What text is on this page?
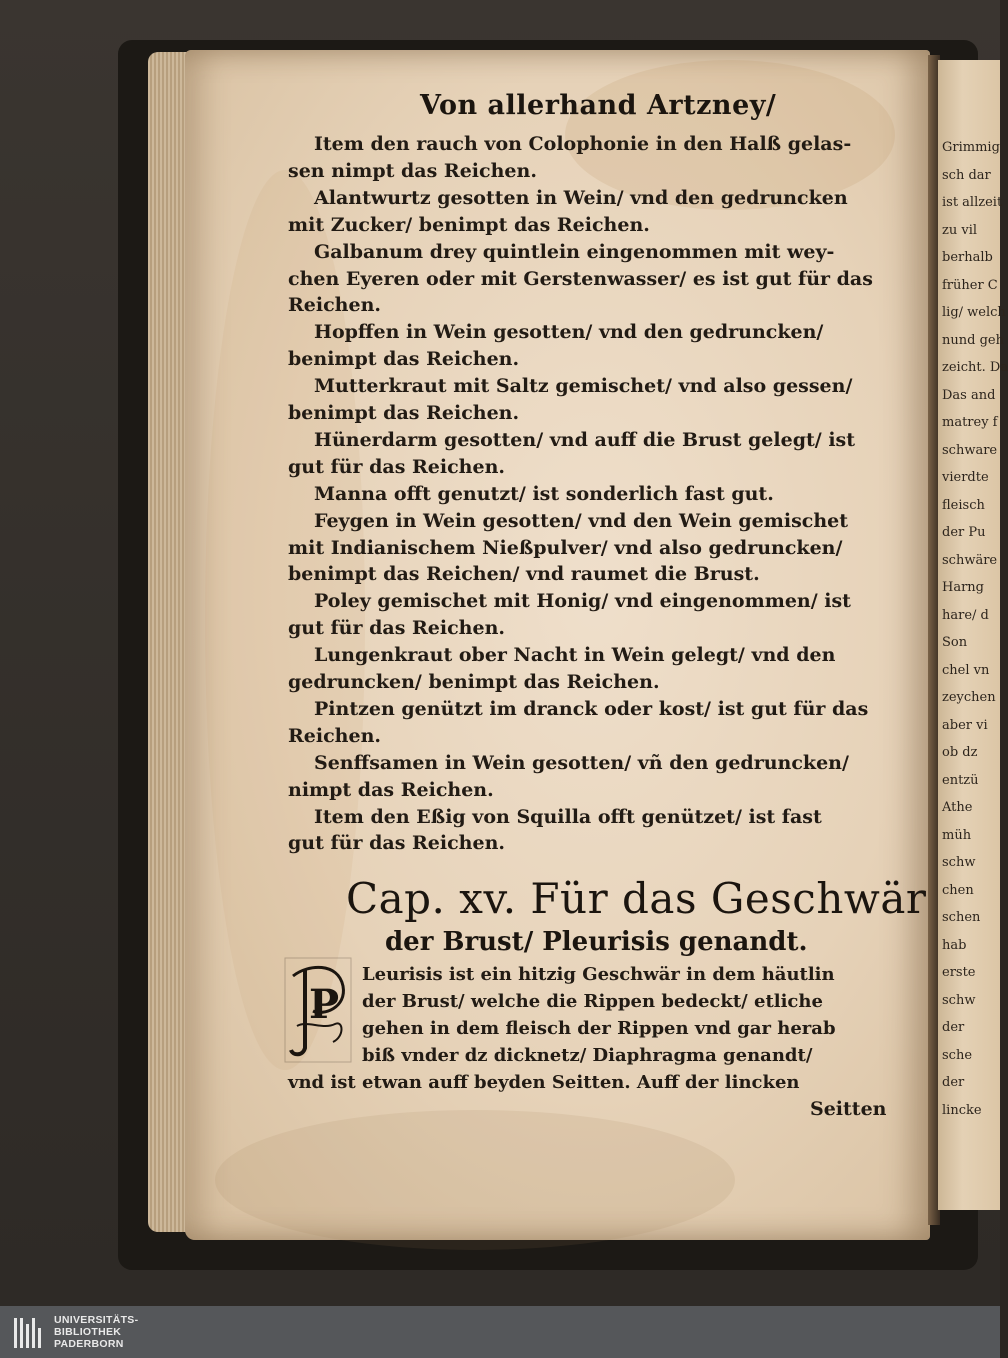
Grimmig
sch dar
ist allzeit
zu vil
berhalb
früher C
lig/ welch
nund geh
zeicht. Da
Das and
matrey f
schware
vierdte
fleisch
der Pu
schwäre
Harng
hare/ d
Son
chel vn
zeychen
aber vi
ob dz
entzü
Athe
müh
schw
chen
schen
hab
erste
schw
der
sche
der
lincke
Von allerhand Artzney/
Item den rauch von Colophonie in den Halß gelas-
sen nimpt das Reichen.
Alantwurtz gesotten in Wein/ vnd den gedruncken
mit Zucker/ benimpt das Reichen.
Galbanum drey quintlein eingenommen mit wey-
chen Eyeren oder mit Gerstenwasser/ es ist gut für das
Reichen.
Hopffen in Wein gesotten/ vnd den gedruncken/
benimpt das Reichen.
Mutterkraut mit Saltz gemischet/ vnd also gessen/
benimpt das Reichen.
Hünerdarm gesotten/ vnd auff die Brust gelegt/ ist
gut für das Reichen.
Manna offt genutzt/ ist sonderlich fast gut.
Feygen in Wein gesotten/ vnd den Wein gemischet
mit Indianischem Nießpulver/ vnd also gedruncken/
benimpt das Reichen/ vnd raumet die Brust.
Poley gemischet mit Honig/ vnd eingenommen/ ist
gut für das Reichen.
Lungenkraut ober Nacht in Wein gelegt/ vnd den
gedruncken/ benimpt das Reichen.
Pintzen genützt im dranck oder kost/ ist gut für das
Reichen.
Senffsamen in Wein gesotten/ vñ den gedruncken/
nimpt das Reichen.
Item den Eßig von Squilla offt genützet/ ist fast
gut für das Reichen.
Cap. xv. Für das Geschwär
der Brust/ Pleurisis genandt.
P
Leurisis ist ein hitzig Geschwär in dem häutlin
der Brust/ welche die Rippen bedeckt/ etliche
gehen in dem fleisch der Rippen vnd gar herab
biß vnder dz dicknetz/ Diaphragma genandt/
vnd ist etwan auff beyden Seitten. Auff der lincken
Seitten
UNIVERSITÄTS-
BIBLIOTHEK
PADERBORN
